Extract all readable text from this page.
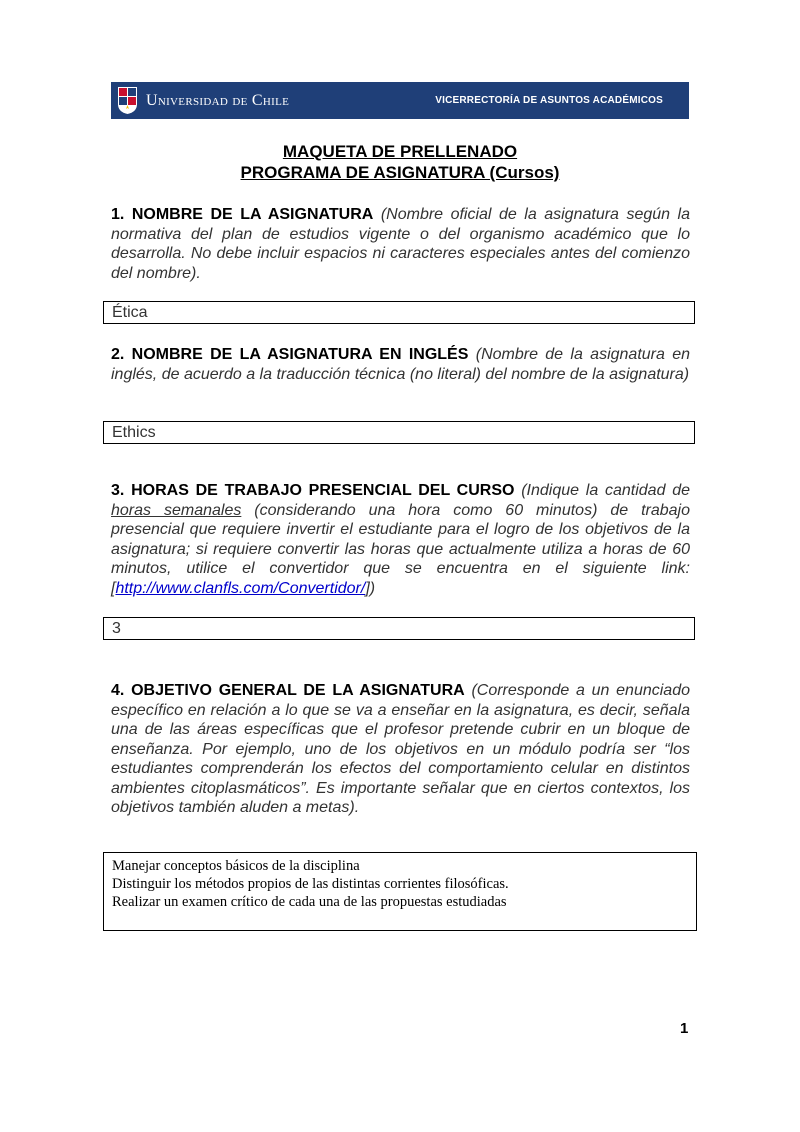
Universidad de Chile	VICERRECTORÍA DE ASUNTOS ACADÉMICOS
MAQUETA DE PRELLENADO
PROGRAMA DE ASIGNATURA (Cursos)
1. NOMBRE DE LA ASIGNATURA (Nombre oficial de la asignatura según la normativa del plan de estudios vigente o del organismo académico que lo desarrolla. No debe incluir espacios ni caracteres especiales antes del comienzo del nombre).
Ética
2. NOMBRE DE LA ASIGNATURA EN INGLÉS (Nombre de la asignatura en inglés, de acuerdo a la traducción técnica (no literal) del nombre de la asignatura)
Ethics
3. HORAS DE TRABAJO PRESENCIAL DEL CURSO (Indique la cantidad de horas semanales (considerando una hora como 60 minutos) de trabajo presencial que requiere invertir el estudiante para el logro de los objetivos de la asignatura; si requiere convertir las horas que actualmente utiliza a horas de 60 minutos, utilice el convertidor que se encuentra en el siguiente link: [http://www.clanfls.com/Convertidor/])
3
4. OBJETIVO GENERAL DE LA ASIGNATURA (Corresponde a un enunciado específico en relación a lo que se va a enseñar en la asignatura, es decir, señala una de las áreas específicas que el profesor pretende cubrir en un bloque de enseñanza. Por ejemplo, uno de los objetivos en un módulo podría ser “los estudiantes comprenderán los efectos del comportamiento celular en distintos ambientes citoplasmáticos”. Es importante señalar que en ciertos contextos, los objetivos también aluden a metas).
Manejar conceptos básicos de la disciplina
Distinguir los métodos propios de las distintas corrientes filosóficas.
Realizar un examen crítico de cada una de las propuestas estudiadas
1
